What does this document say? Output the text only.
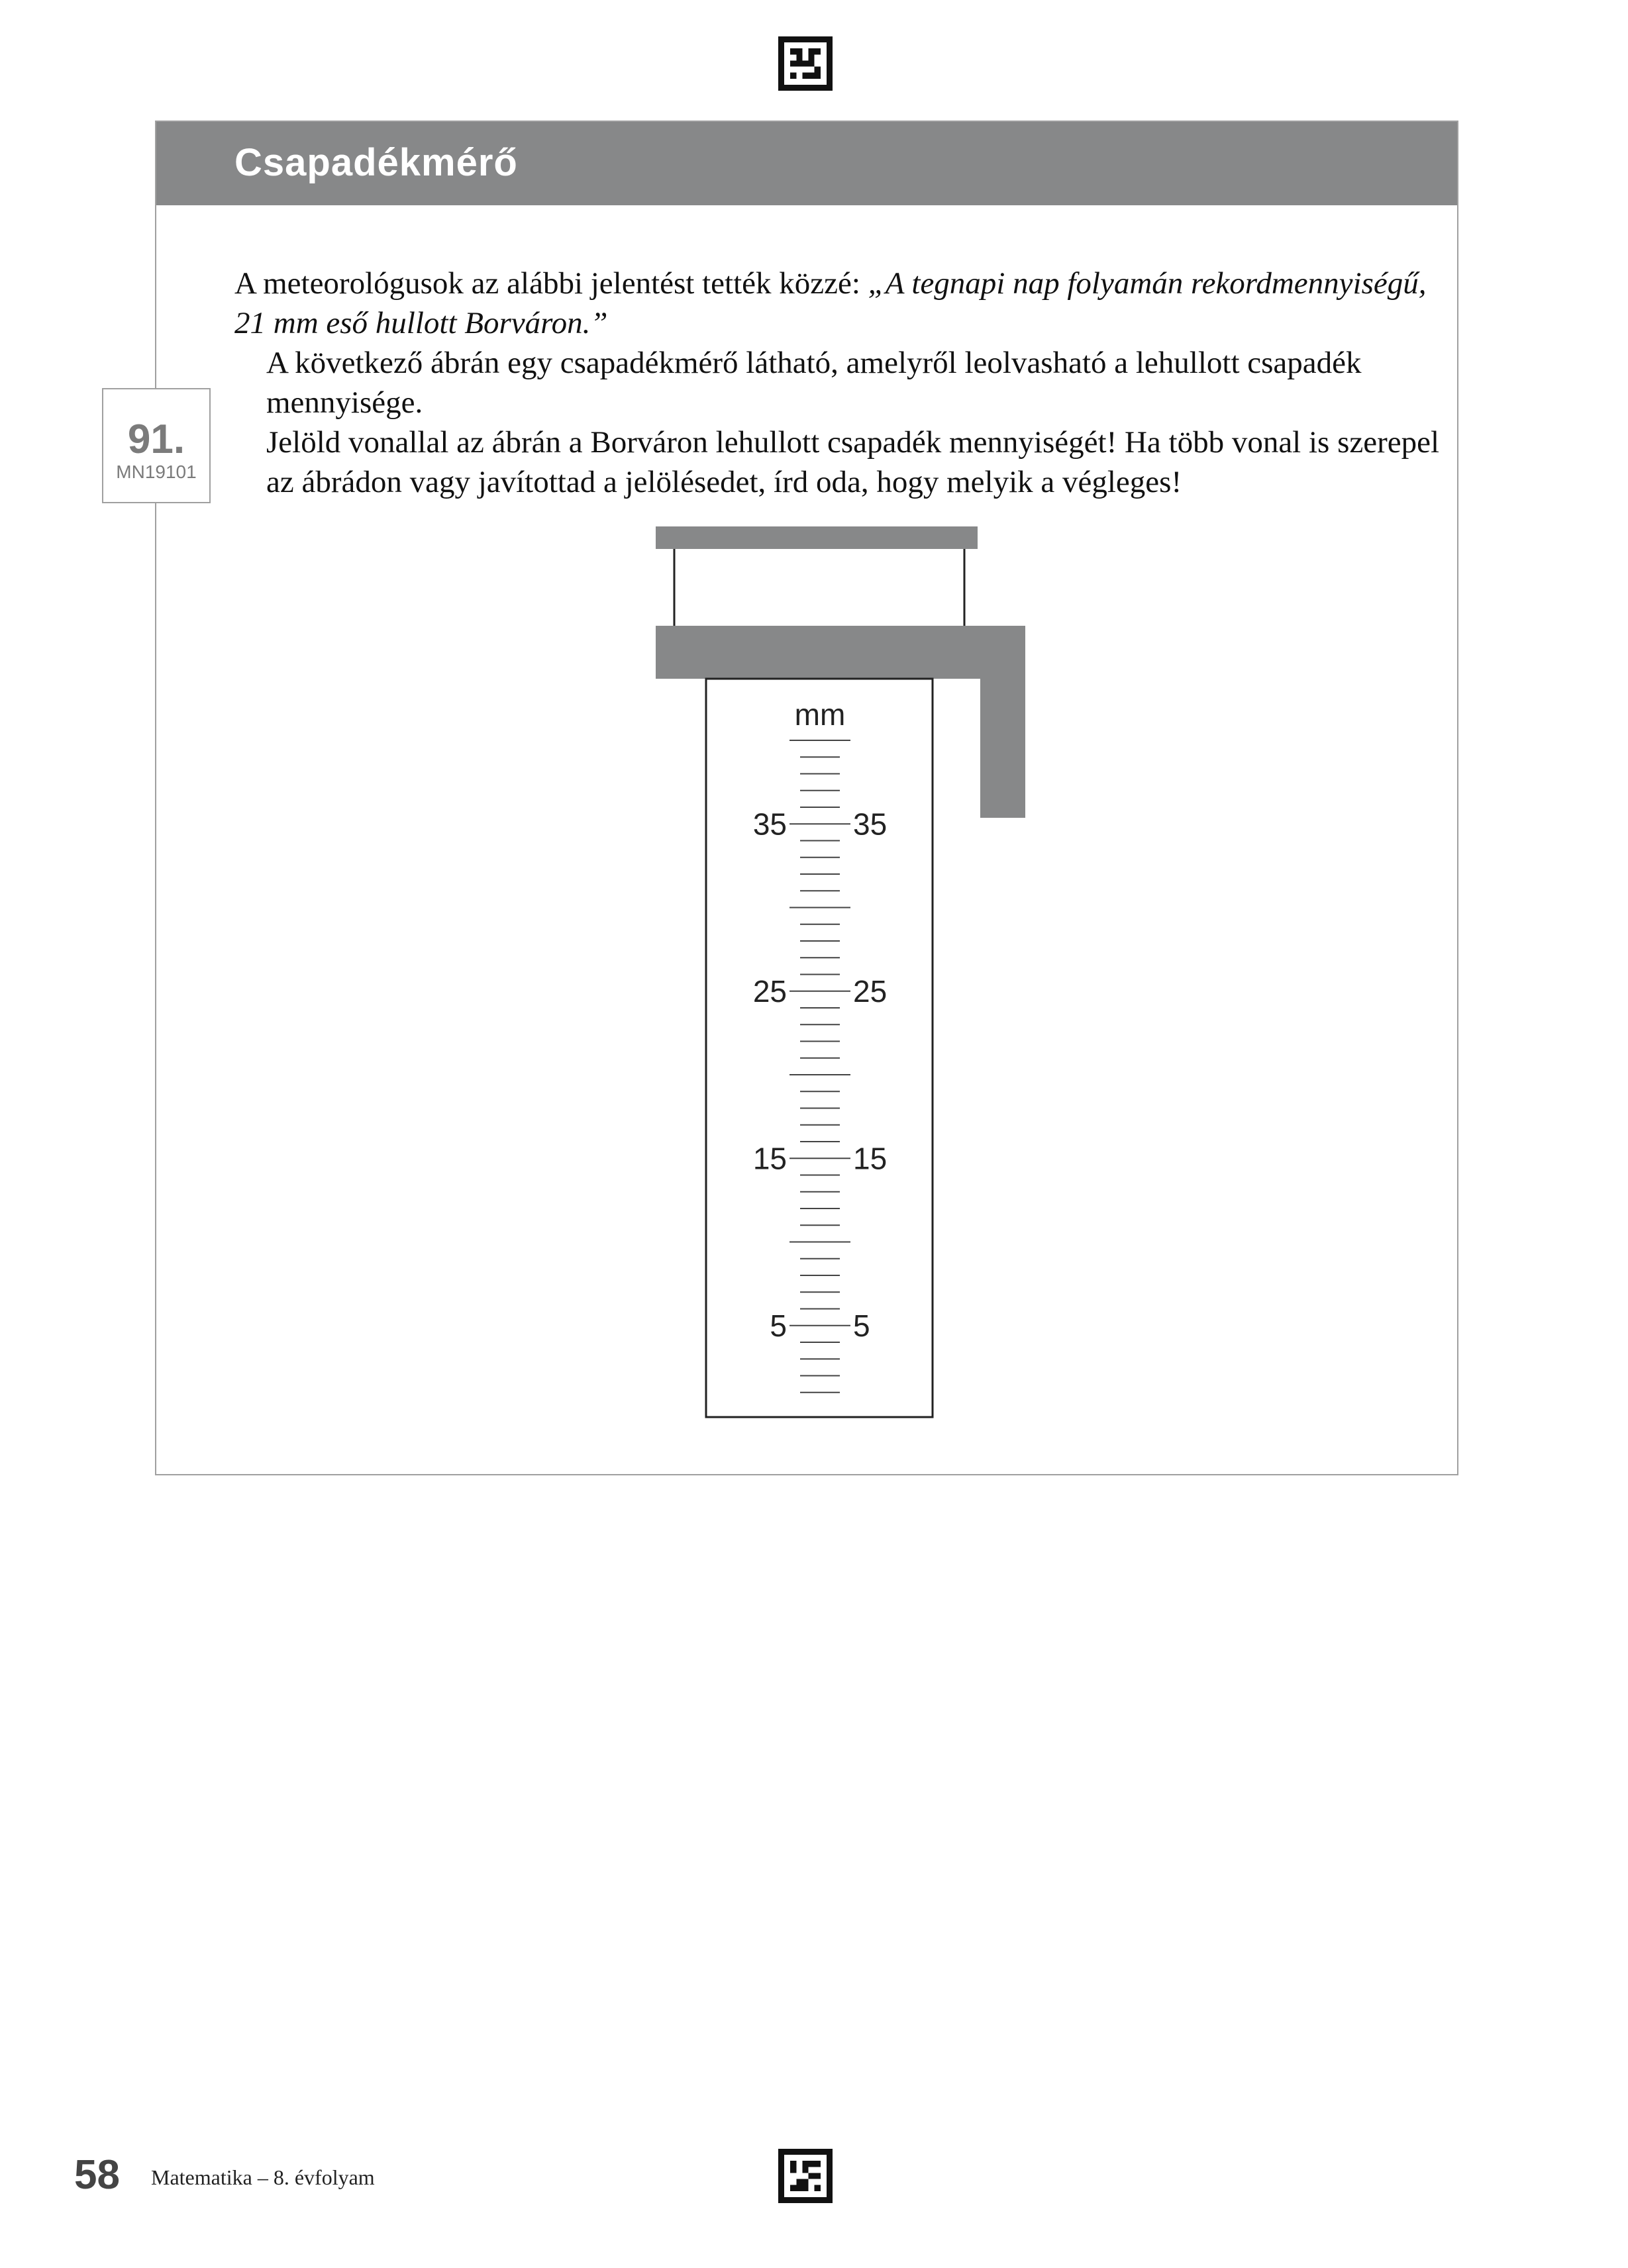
Csapadékmérő
91.
MN19101

A meteorológusok az alábbi jelentést tették közzé: „A tegnapi nap folyamán rekordmennyiségű, 21 mm eső hullott Borváron.”

A következő ábrán egy csapadékmérő látható, amelyről leolvasható a lehullott csapadék mennyisége.

Jelöld vonallal az ábrán a Borváron lehullott csapadék mennyiségét! Ha több vonal is szerepel az ábrádon vagy javítottad a jelölésedet, írd oda, hogy melyik a végleges!

mm
35 35
25 25
15 15
5 5
58 Matematika – 8. évfolyam
